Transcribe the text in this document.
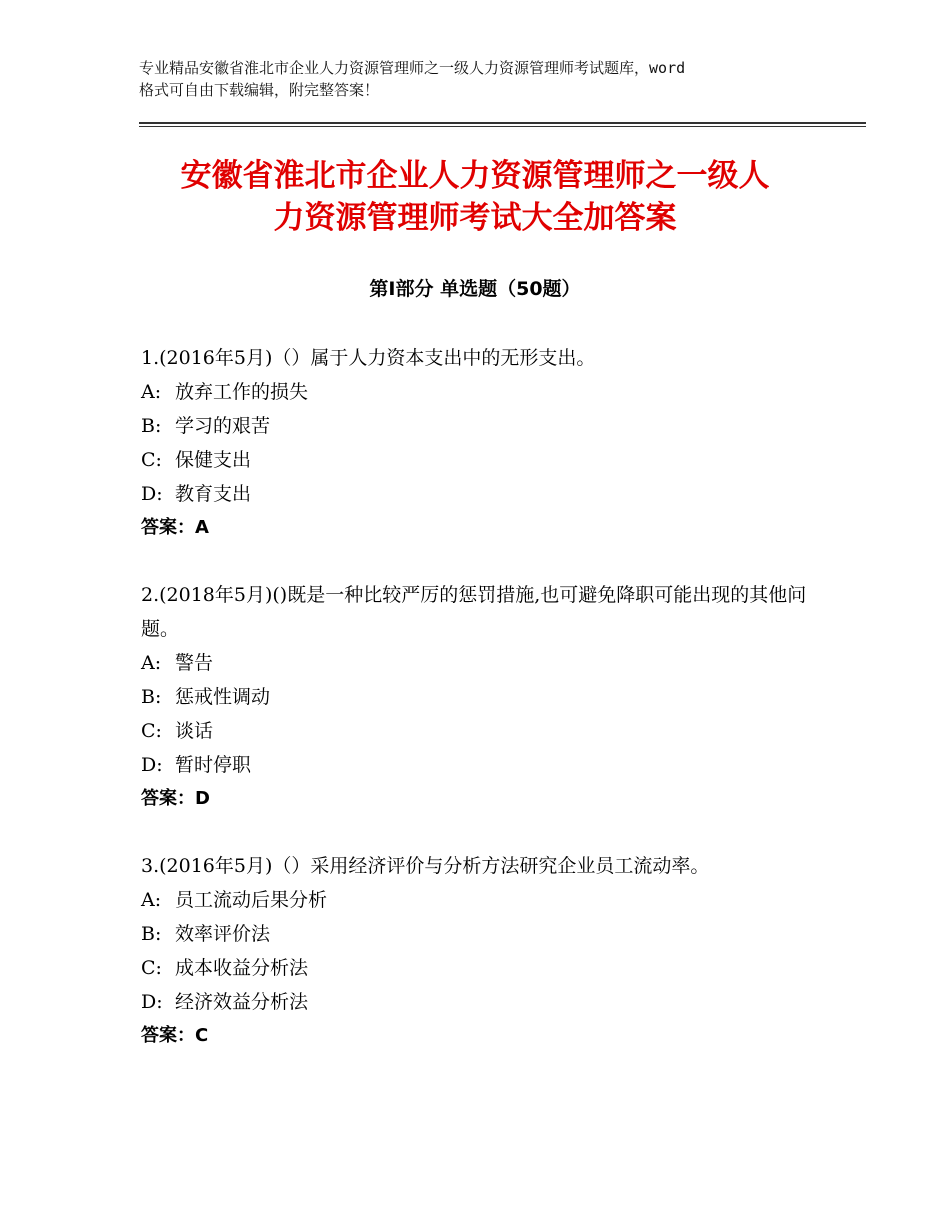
专业精品安徽省淮北市企业人力资源管理师之一级人力资源管理师考试题库，word
格式可自由下载编辑，附完整答案！
安徽省淮北市企业人力资源管理师之一级人
力资源管理师考试大全加答案
第Ⅰ部分 单选题（50题）
1.(2016年5月)（）属于人力资本支出中的无形支出。
A: 放弃工作的损失
B: 学习的艰苦
C: 保健支出
D: 教育支出
答案：A
2.(2018年5月)()既是一种比较严厉的惩罚措施,也可避免降职可能出现的其他问题。
A: 警告
B: 惩戒性调动
C: 谈话
D: 暂时停职
答案：D
3.(2016年5月)（）采用经济评价与分析方法研究企业员工流动率。
A: 员工流动后果分析
B: 效率评价法
C: 成本收益分析法
D: 经济效益分析法
答案：C
